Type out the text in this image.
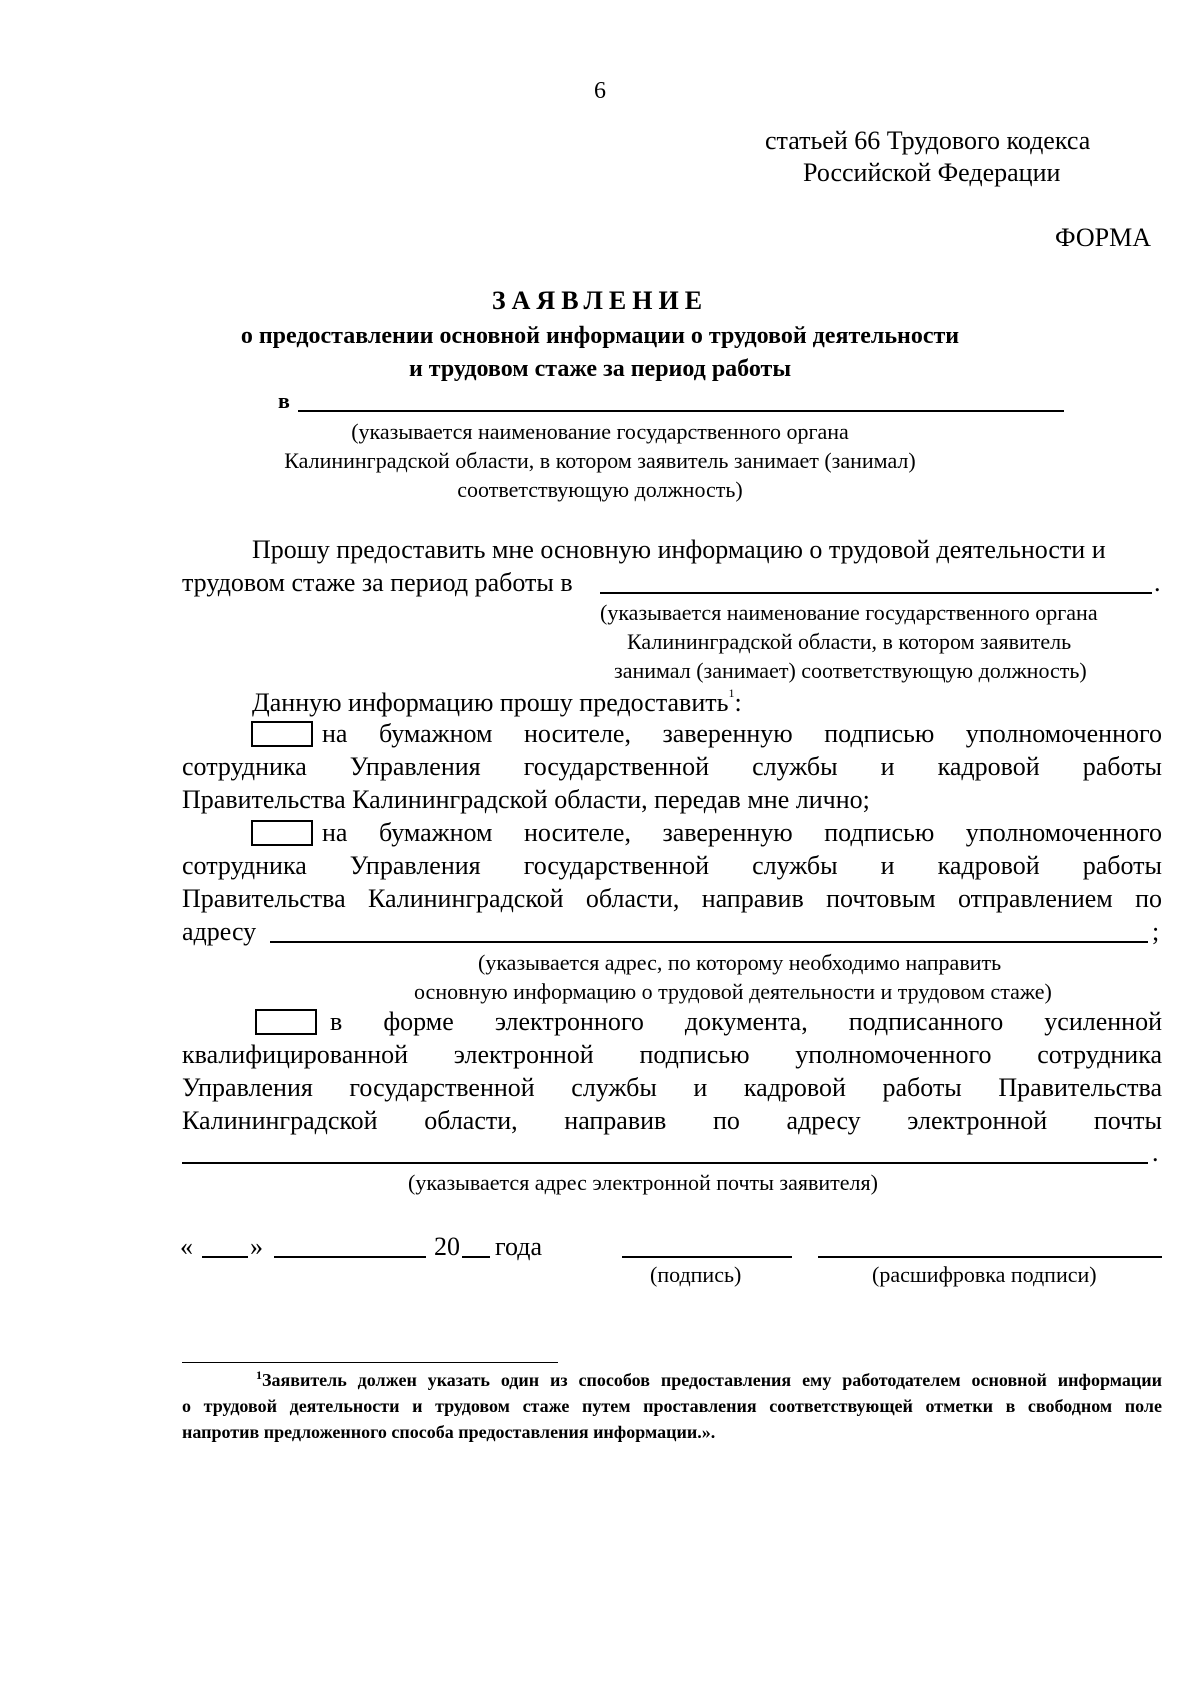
6
статьей 66 Трудового кодекса
Российской Федерации
ФОРМА
ЗАЯВЛЕНИЕ
о предоставлении основной информации о трудовой деятельности
и трудовом стаже за период работы
в
(указывается наименование государственного органа
Калининградской области, в котором заявитель занимает (занимал)
соответствующую должность)
Прошу предоставить мне основную информацию о трудовой деятельности и
трудовом стаже за период работы в	.
(указывается наименование государственного органа
Калининградской области, в котором заявитель
занимал (занимает) соответствующую должность)
Данную информацию прошу предоставить$^1$:
на бумажном носителе, заверенную подписью уполномоченного
сотрудника Управления государственной службы и кадровой работы
Правительства Калининградской области, передав мне лично;
на бумажном носителе, заверенную подписью уполномоченного
сотрудника Управления государственной службы и кадровой работы
Правительства Калининградской области, направив почтовым отправлением по
адресу	;
(указывается адрес, по которому необходимо направить
основную информацию о трудовой деятельности и трудовом стаже)
в форме электронного документа, подписанного усиленной
квалифицированной электронной подписью уполномоченного сотрудника
Управления государственной службы и кадровой работы Правительства
Калининградской области, направив по адресу электронной почты
.
(указывается адрес электронной почты заявителя)
« »	20 года
(подпись)	(расшифровка подписи)
$^1$Заявитель должен указать один из способов предоставления ему работодателем основной информации
о трудовой деятельности и трудовом стаже путем проставления соответствующей отметки в свободном поле
напротив предложенного способа предоставления информации.».
